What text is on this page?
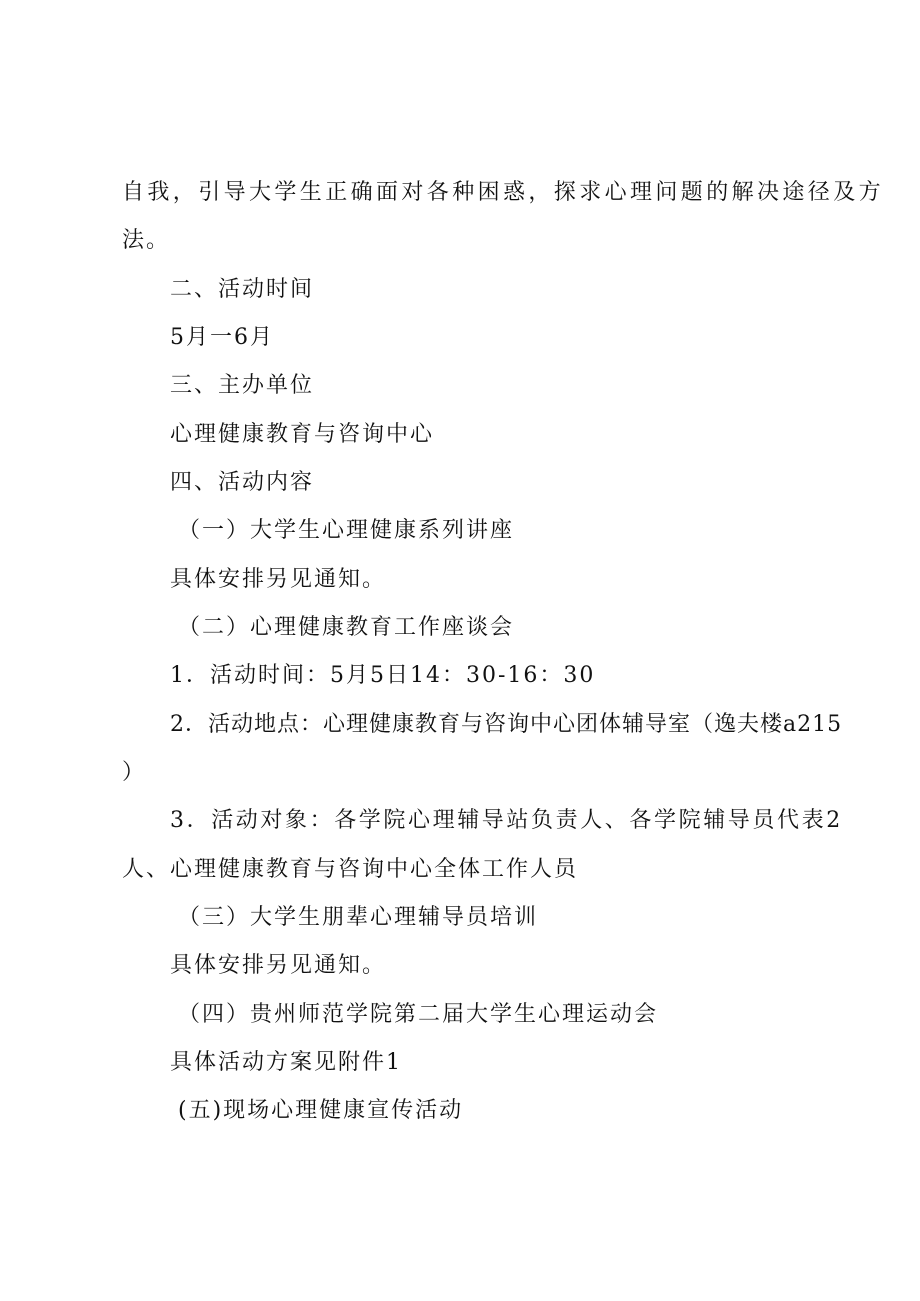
自我，引导大学生正确面对各种困惑，探求心理问题的解决途径及方
法。
二、活动时间
5月一6月
三、主办单位
心理健康教育与咨询中心
四、活动内容
（一）大学生心理健康系列讲座
具体安排另见通知。
（二）心理健康教育工作座谈会
1．活动时间：5月5日14：30-16：30
2．活动地点：心理健康教育与咨询中心团体辅导室（逸夫楼a215
）
3．活动对象：各学院心理辅导站负责人、各学院辅导员代表2
人、心理健康教育与咨询中心全体工作人员
（三）大学生朋辈心理辅导员培训
具体安排另见通知。
（四）贵州师范学院第二届大学生心理运动会
具体活动方案见附件1
(五)现场心理健康宣传活动
